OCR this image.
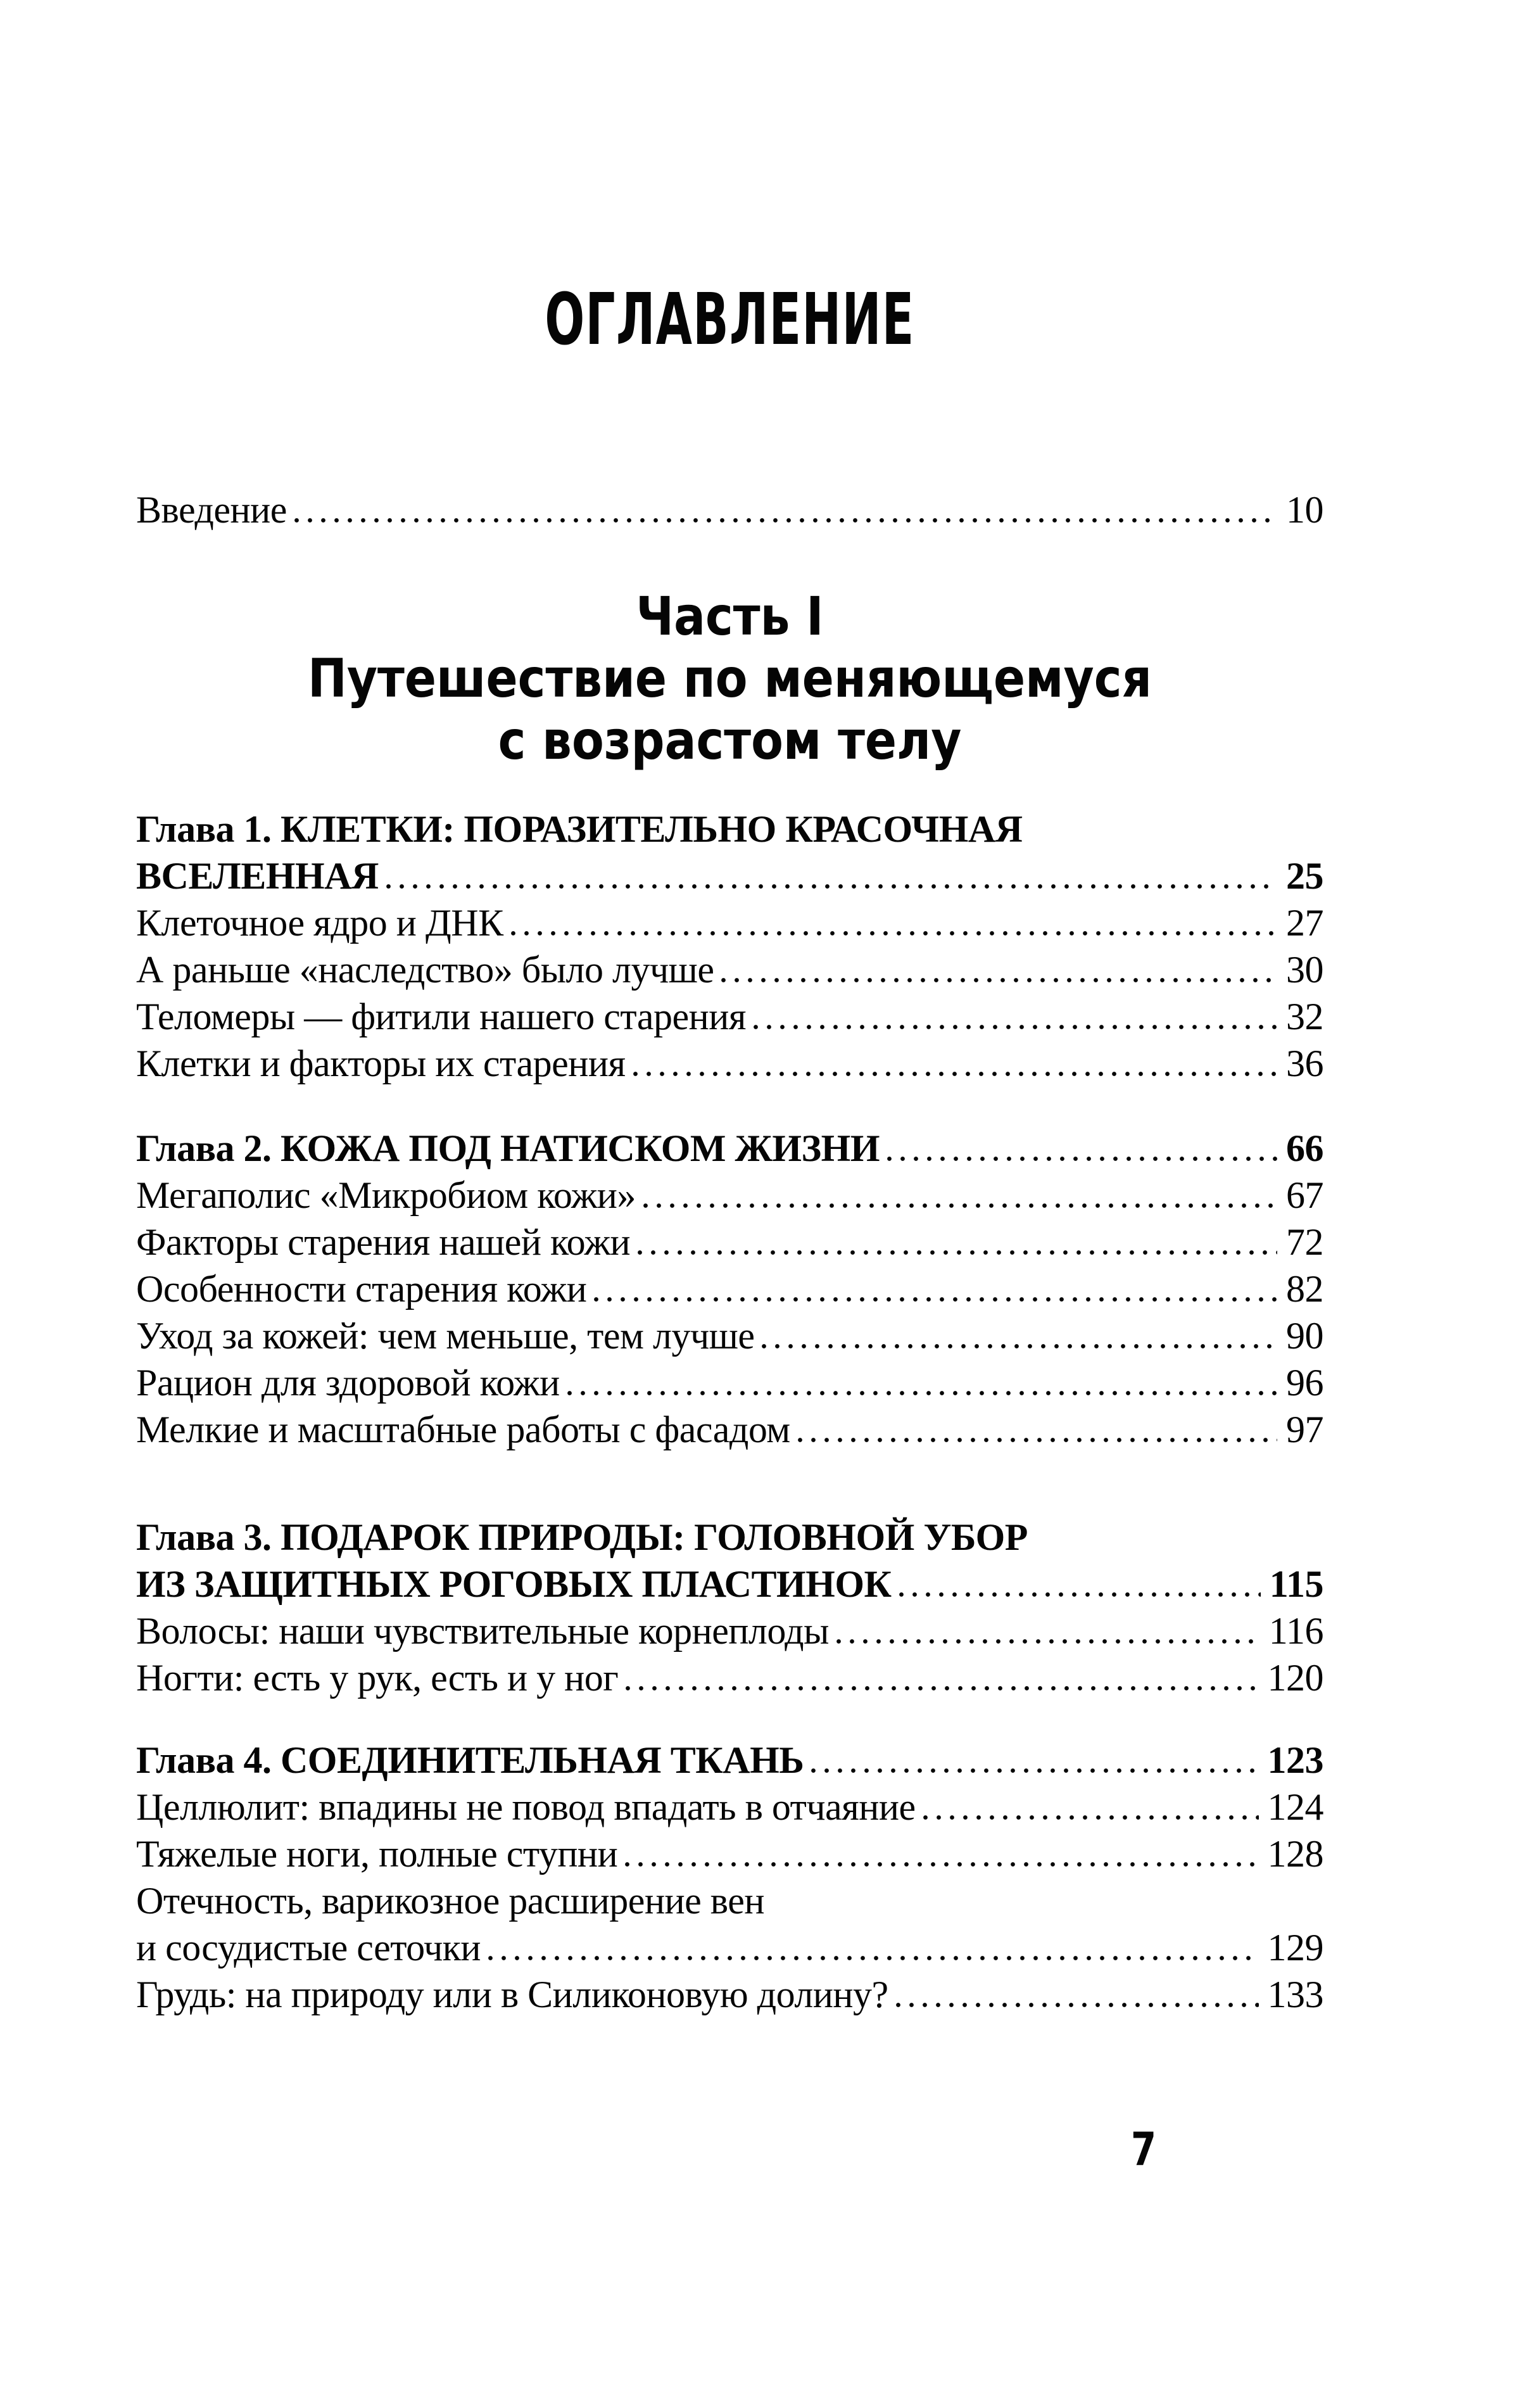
ОГЛАВЛЕНИЕ
Введение	10
Часть I
Путешествие по меняющемуся
с возрастом телу
Глава 1. КЛЕТКИ: ПОРАЗИТЕЛЬНО КРАСОЧНАЯ
ВСЕЛЕННАЯ	25
Клеточное ядро и ДНК	27
А раньше «наследство» было лучше	30
Теломеры — фитили нашего старения	32
Клетки и факторы их старения	36
Глава 2. КОЖА ПОД НАТИСКОМ ЖИЗНИ	66
Мегаполис «Микробиом кожи»	67
Факторы старения нашей кожи	72
Особенности старения кожи	82
Уход за кожей: чем меньше, тем лучше	90
Рацион для здоровой кожи	96
Мелкие и масштабные работы с фасадом	97
Глава 3. ПОДАРОК ПРИРОДЫ: ГОЛОВНОЙ УБОР
ИЗ ЗАЩИТНЫХ РОГОВЫХ ПЛАСТИНОК	115
Волосы: наши чувствительные корнеплоды	116
Ногти: есть у рук, есть и у ног	120
Глава 4. СОЕДИНИТЕЛЬНАЯ ТКАНЬ	123
Целлюлит: впадины не повод впадать в отчаяние	124
Тяжелые ноги, полные ступни	128
Отечность, варикозное расширение вен
и сосудистые сеточки	129
Грудь: на природу или в Силиконовую долину?	133
7
